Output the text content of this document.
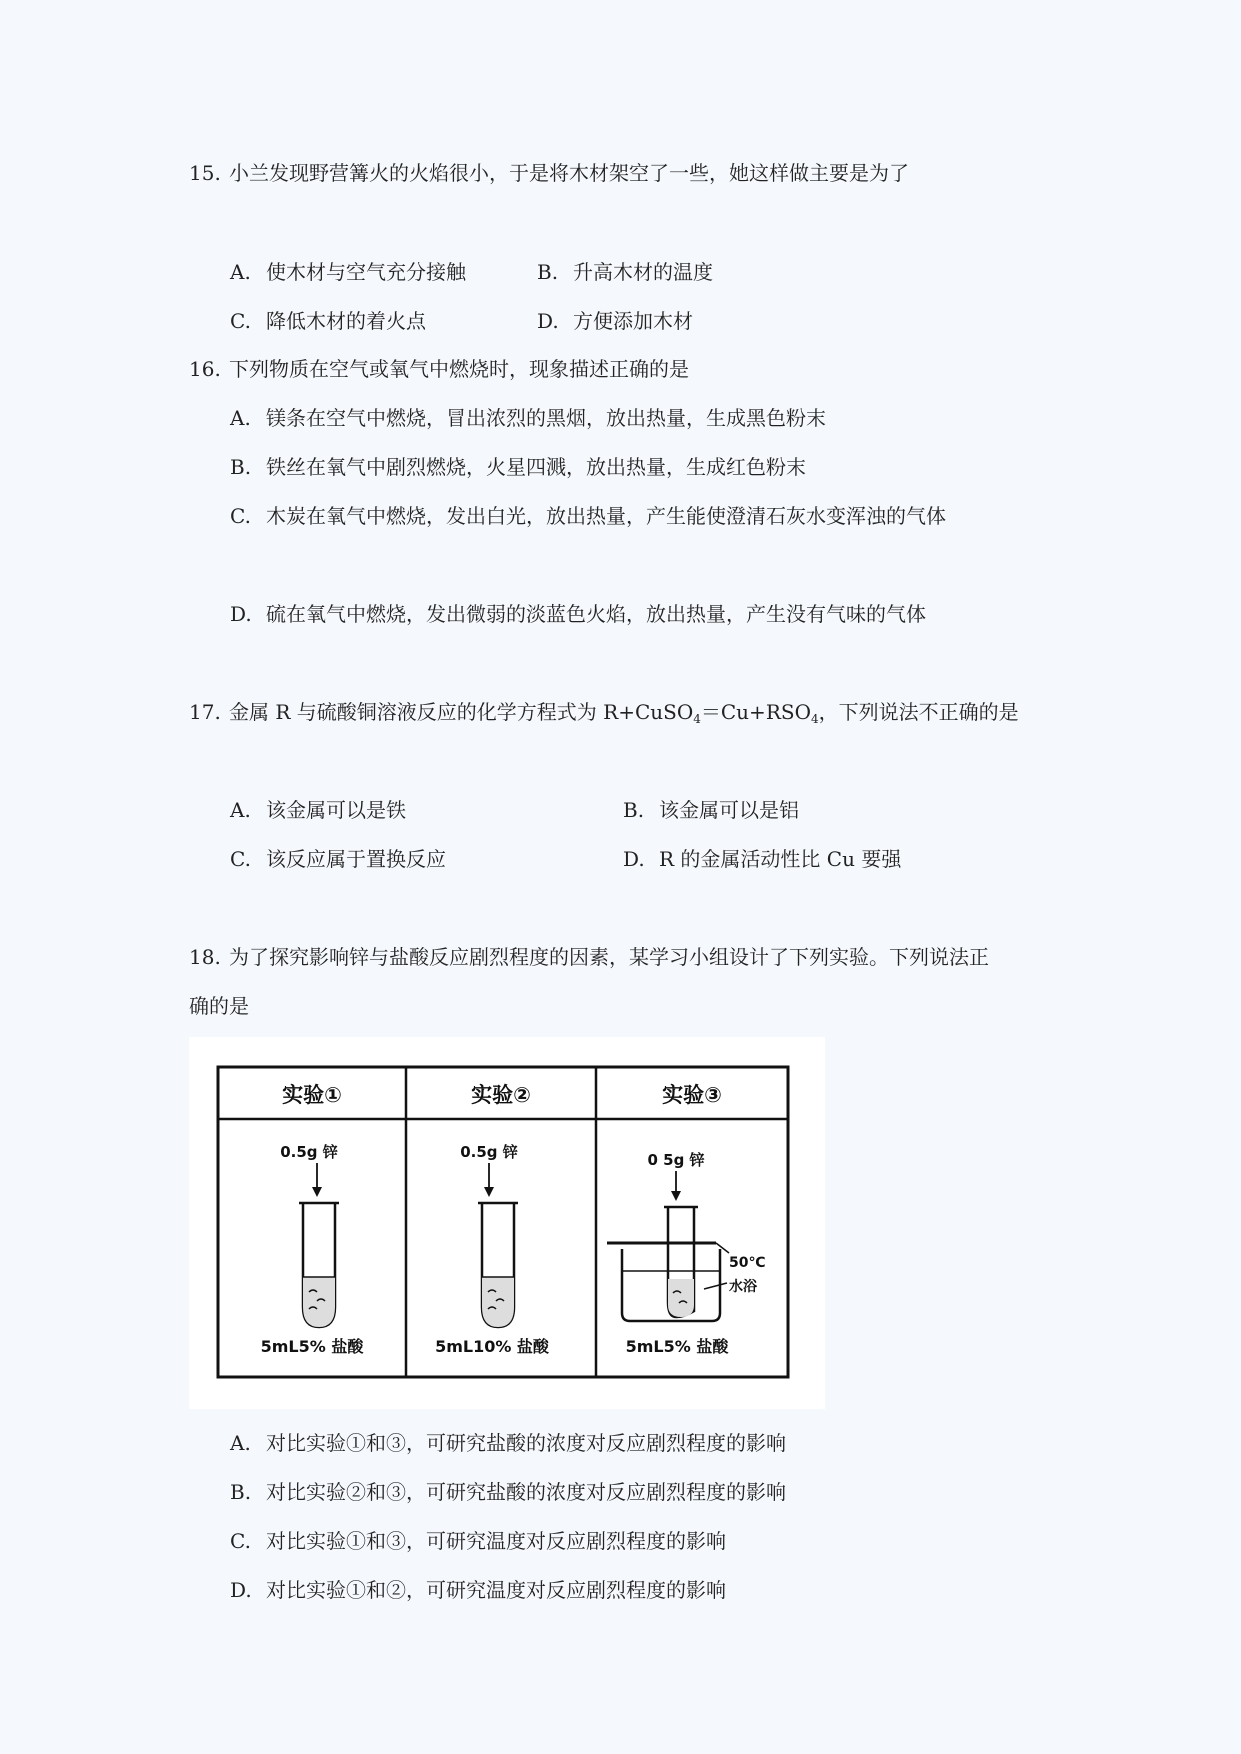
15. 小兰发现野营篝火的火焰很小，于是将木材架空了一些，她这样做主要是为了
A. 使木材与空气充分接触	B. 升高木材的温度
C. 降低木材的着火点	D. 方便添加木材
16. 下列物质在空气或氧气中燃烧时，现象描述正确的是
A. 镁条在空气中燃烧，冒出浓烈的黑烟，放出热量，生成黑色粉末
B. 铁丝在氧气中剧烈燃烧，火星四溅，放出热量，生成红色粉末
C. 木炭在氧气中燃烧，发出白光，放出热量，产生能使澄清石灰水变浑浊的气体
D. 硫在氧气中燃烧，发出微弱的淡蓝色火焰，放出热量，产生没有气味的气体
17. 金属 R 与硫酸铜溶液反应的化学方程式为 $R+CuSO_4=Cu+RSO_4$，下列说法不正确的是
A. 该金属可以是铁	B. 该金属可以是铝
C. 该反应属于置换反应	D. R 的金属活动性比 Cu 要强
18. 为了探究影响锌与盐酸反应剧烈程度的因素，某学习小组设计了下列实验。下列说法正
确的是
实验①	实验②	实验③
0.5g 锌	0.5g 锌	0 5g 锌
50℃
水浴
5mL5% 盐酸	5mL10% 盐酸	5mL5% 盐酸
A. 对比实验①和③，可研究盐酸的浓度对反应剧烈程度的影响
B. 对比实验②和③，可研究盐酸的浓度对反应剧烈程度的影响
C. 对比实验①和③，可研究温度对反应剧烈程度的影响
D. 对比实验①和②，可研究温度对反应剧烈程度的影响
